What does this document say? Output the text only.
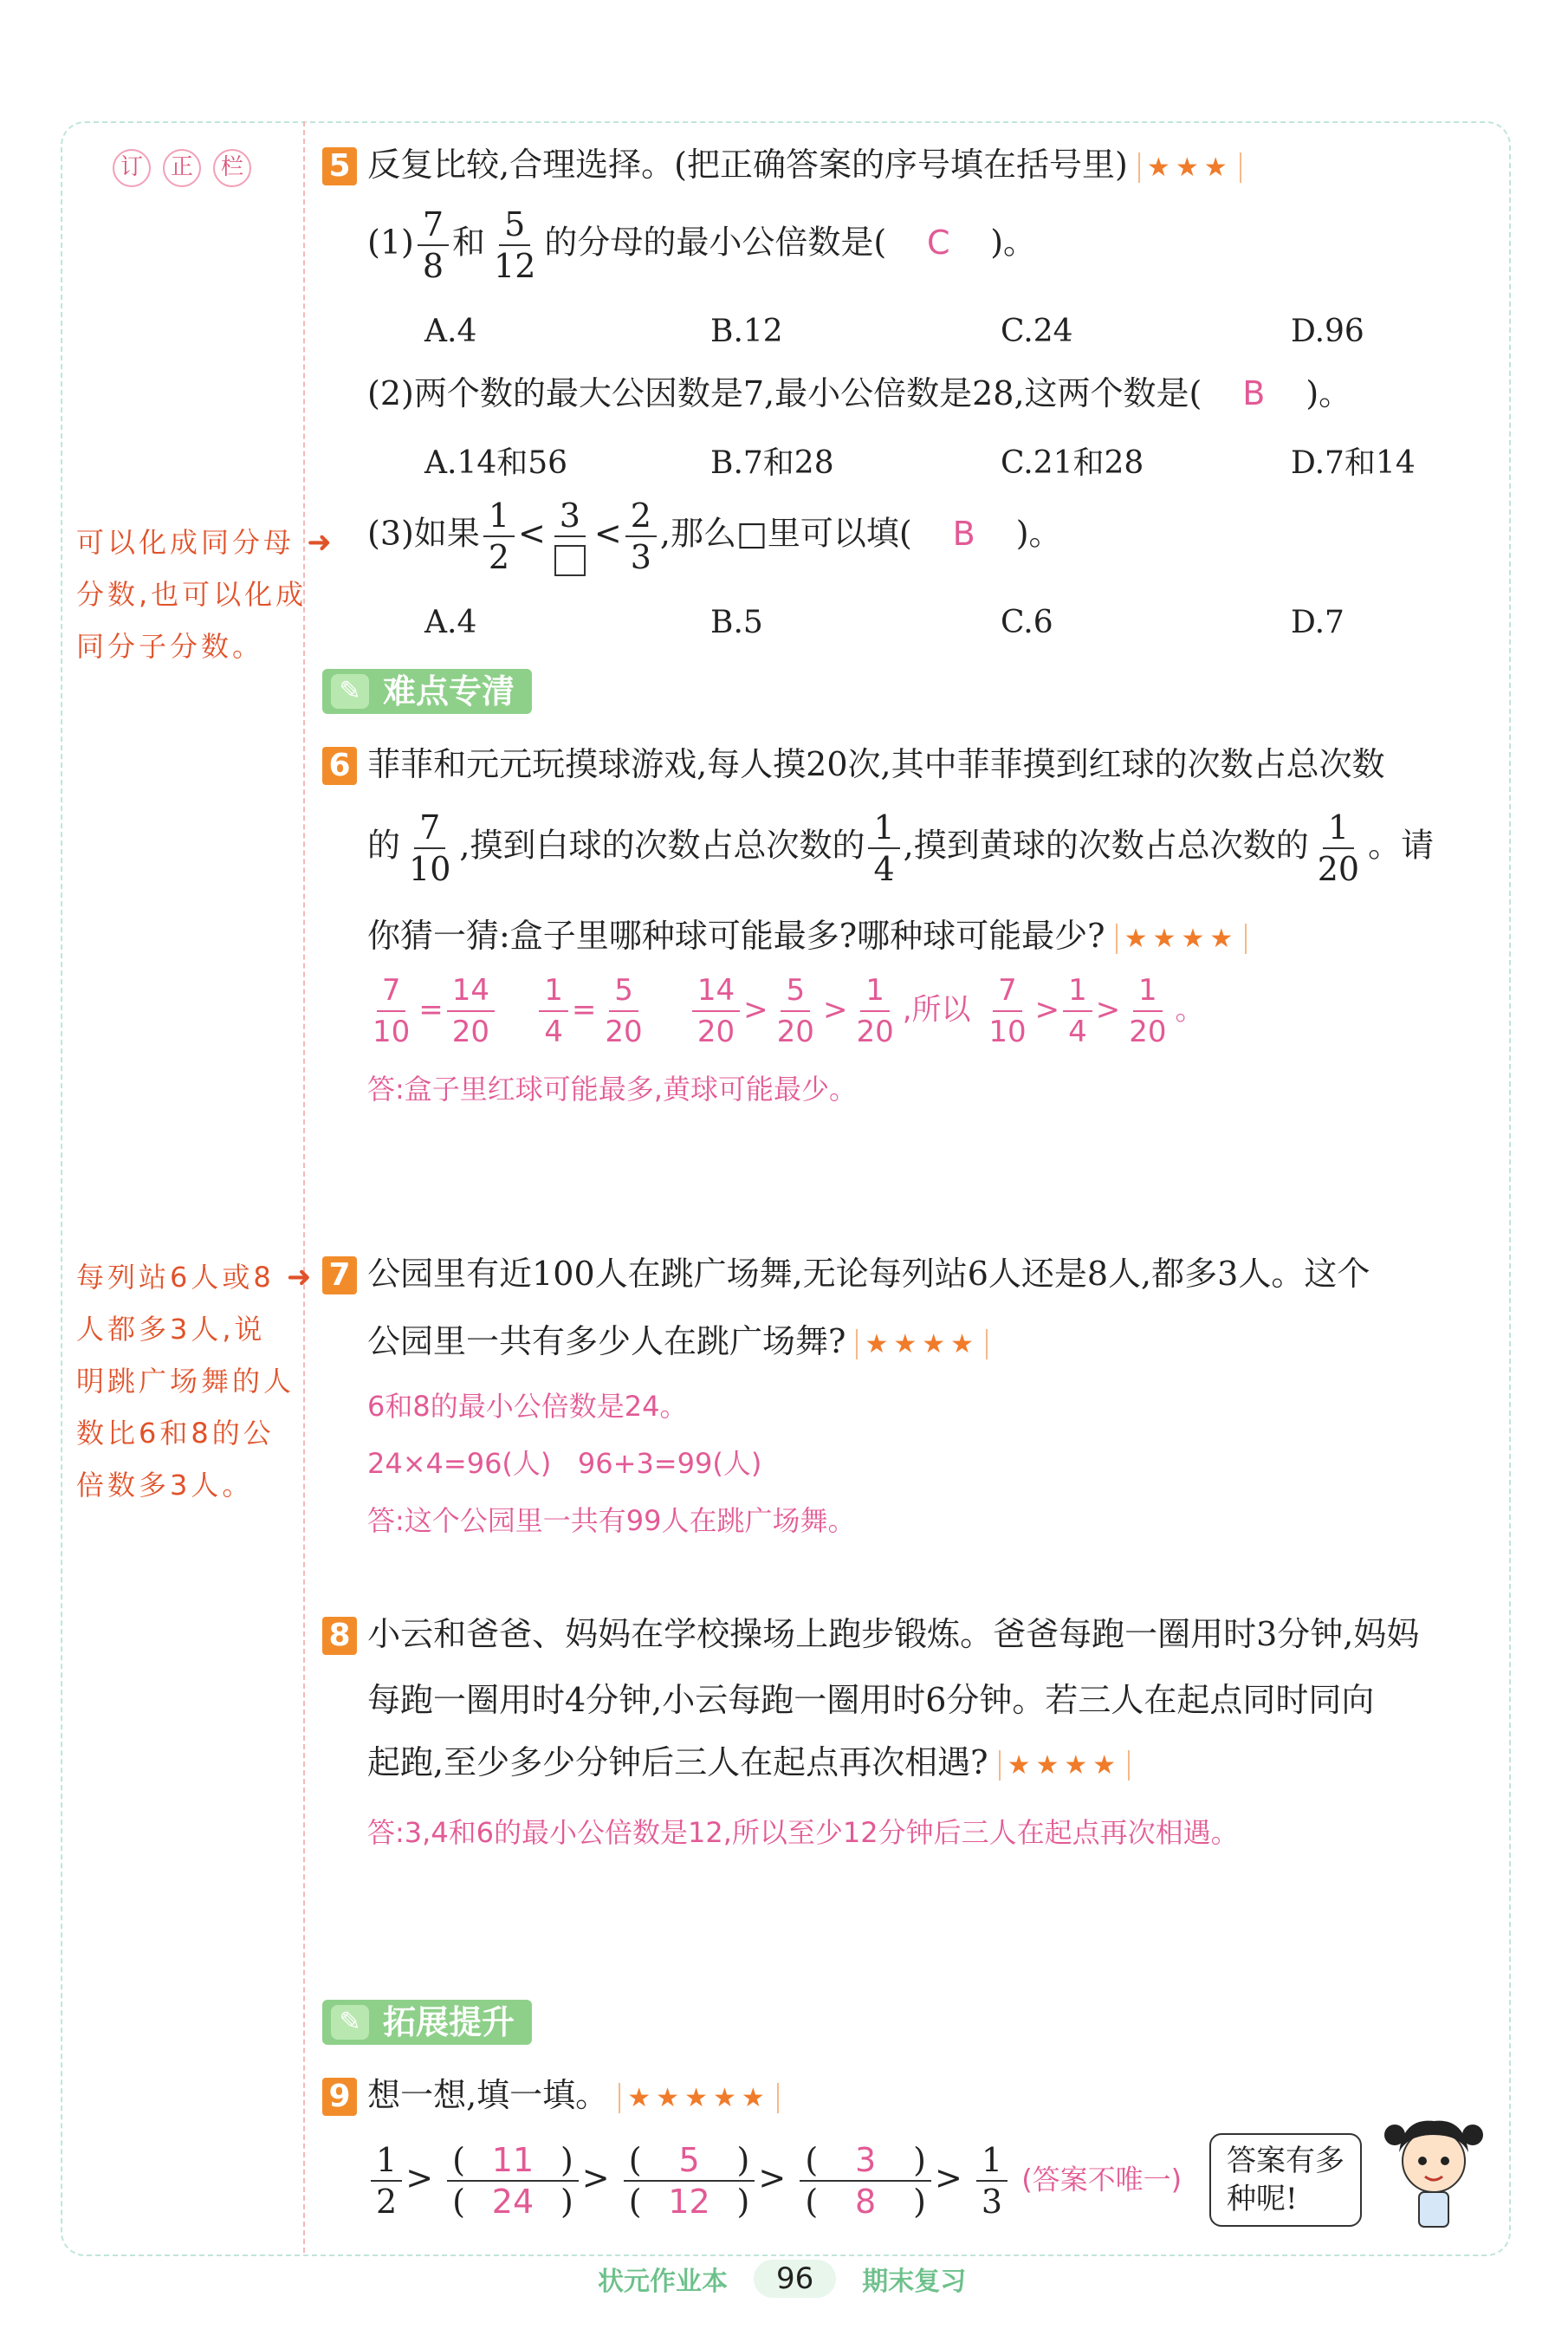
订	正	栏
可以化成同分母 ➜
分数,也可以化成
同分子分数。
每列站6人或8 ➜
人都多3人,说
明跳广场舞的人
数比6和8的公
倍数多3人。
5 反复比较,合理选择。(把正确答案的序号填在括号里) ★★★
$(1) \frac{7}{8}$ 和 $\frac{5}{12}$ 的分母的最小公倍数是( C )。
A.4	B.12	C.24	D.96
(2)两个数的最大公因数是7,最小公倍数是28,这两个数是( B )。
A.14和56	B.7和28	C.21和28	D.7和14
(3)如果 $\frac{1}{2} < 3 < \frac{2}{3}$ ,那么□里可以填( B )。
A.4	B.5	C.6	D.7
✎ 难点专清
6 菲菲和元元玩摸球游戏,每人摸20次,其中菲菲摸到红球的次数占总次数
的 $\frac{7}{10}$ ,摸到白球的次数占总次数的 $\frac{1}{4}$ ,摸到黄球的次数占总次数的 $\frac{1}{20}$ 。请
你猜一猜:盒子里哪种球可能最多?哪种球可能最少? ★★★★
$\frac{7}{10} = \frac{14}{20}$
$\frac{1}{4} = \frac{5}{20}$
$\frac{14}{20} > \frac{5}{20} > \frac{1}{20}$ ,所以 $\frac{7}{10} > \frac{1}{4} > \frac{1}{20}$ 。
答:盒子里红球可能最多,黄球可能最少。
7 公园里有近100人在跳广场舞,无论每列站6人还是8人,都多3人。这个
公园里一共有多少人在跳广场舞? ★★★★
6和8的最小公倍数是24。
24×4=96(人)   96+3=99(人)
答:这个公园里一共有99人在跳广场舞。
8 小云和爸爸、妈妈在学校操场上跑步锻炼。爸爸每跑一圈用时3分钟,妈妈
每跑一圈用时4分钟,小云每跑一圈用时6分钟。若三人在起点同时同向
起跑,至少多少分钟后三人在起点再次相遇? ★★★★
答:3,4和6的最小公倍数是12,所以至少12分钟后三人在起点再次相遇。
✎ 拓展提升
9 想一想,填一填。 ★★★★★
$\frac{1}{2} > \frac{( 11 )}{( 24 )} > \frac{( 5 )}{( 12 )} > \frac{( 3 )}{( 8 )} > \frac{1}{3}$ (答案不唯一)
答案有多
种呢!
状元作业本	96	期末复习
